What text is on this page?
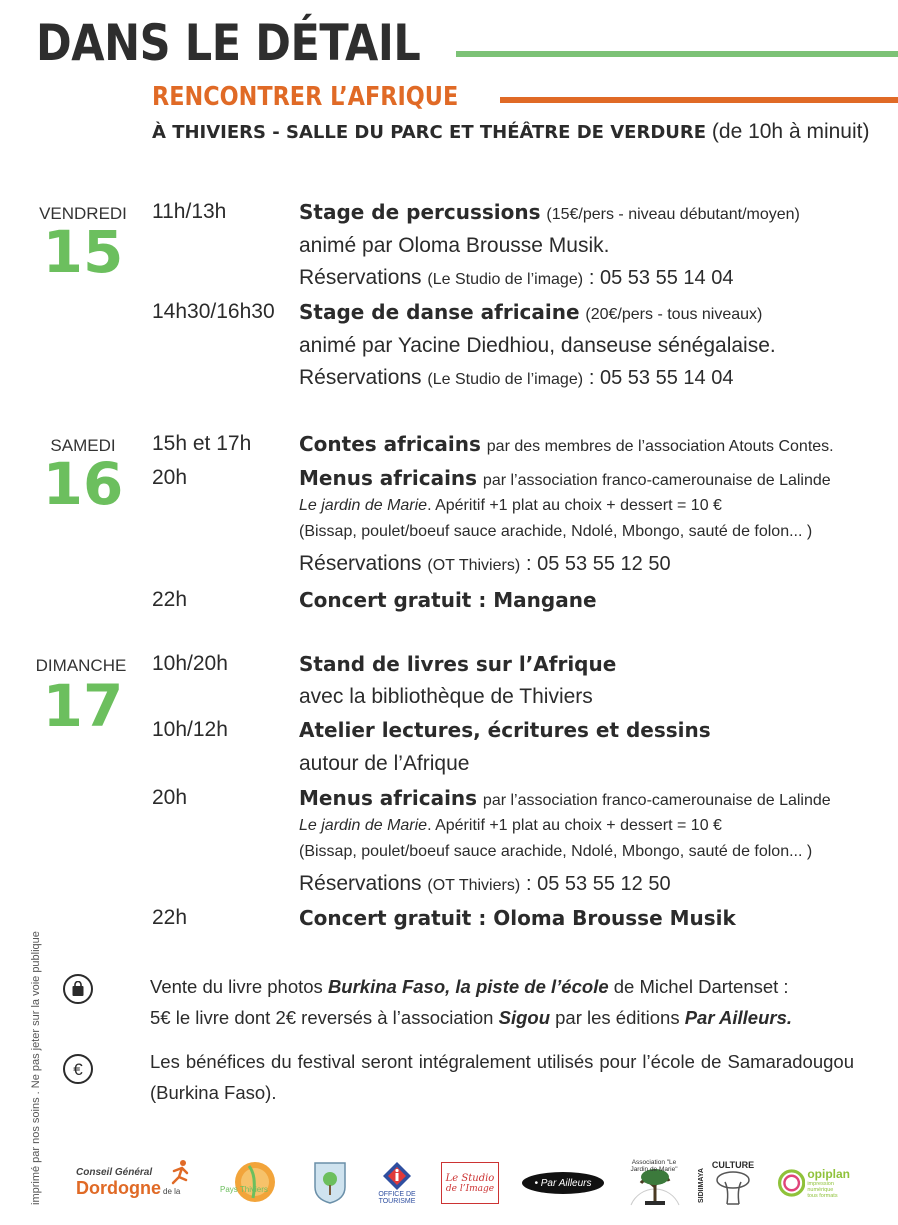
DANS LE DÉTAIL
RENCONTRER L’AFRIQUE
À THIVIERS - SALLE DU PARC ET THÉÂTRE DE VERDURE (de 10h à minuit)
VENDREDI
15
11h/13h	Stage de percussions (15€/pers - niveau débutant/moyen)
animé par Oloma Brousse Musik.
Réservations (Le Studio de l’image) : 05 53 55 14 04
14h30/16h30 Stage de danse africaine (20€/pers - tous niveaux)
animé par Yacine Diedhiou, danseuse sénégalaise.
Réservations (Le Studio de l’image) : 05 53 55 14 04
SAMEDI
16
15h et 17h Contes africains par des membres de l’association Atouts Contes.
20h	Menus africains par l’association franco-camerounaise de Lalinde
Le jardin de Marie. Apéritif +1 plat au choix + dessert = 10 €
(Bissap, poulet/boeuf sauce arachide, Ndolé, Mbongo, sauté de folon... )
Réservations (OT Thiviers) : 05 53 55 12 50
22h	Concert gratuit : Mangane
DIMANCHE
17
10h/20h	Stand de livres sur l’Afrique
avec la bibliothèque de Thiviers
10h/12h	Atelier lectures, écritures et dessins
autour de l’Afrique
20h	Menus africains par l’association franco-camerounaise de Lalinde
Le jardin de Marie. Apéritif +1 plat au choix + dessert = 10 €
(Bissap, poulet/boeuf sauce arachide, Ndolé, Mbongo, sauté de folon... )
Réservations (OT Thiviers) : 05 53 55 12 50
22h	Concert gratuit : Oloma Brousse Musik
Vente du livre photos Burkina Faso, la piste de l’école de Michel Dartenset :
5€ le livre dont 2€ reversés à l’association Sigou par les éditions Par Ailleurs.
€	Les bénéfices du festival seront intégralement utilisés pour l’école de Samaradougou (Burkina Faso).
imprimé par nos soins . Ne pas jeter sur la voie publique	Conseil Général
Dordogne de la	Pays Thiviers
OFFICE DE
TOURISME
Le Studio
de l’Image	• Par Ailleurs
Association "Le Jardin de Marie"	CULTURE
SIDIIMAYA	opiplan
impression numérique tous formats
